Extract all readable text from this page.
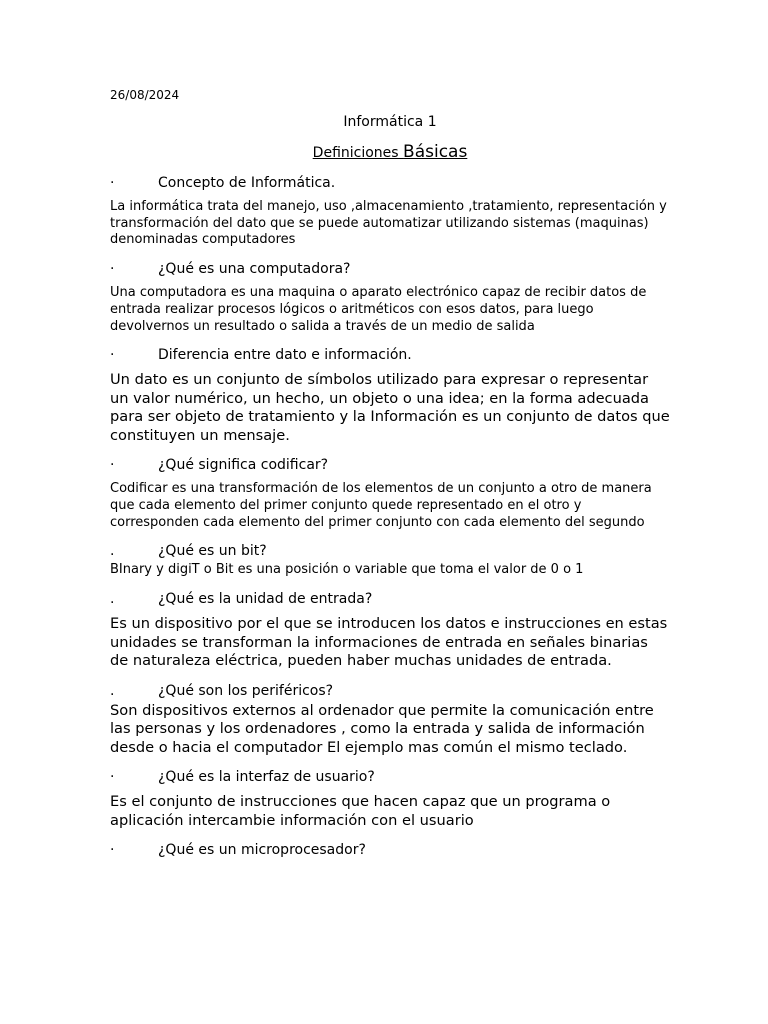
26/08/2024
Informática 1
Definiciones Básicas
·	Concepto de Informática.

La informática trata del manejo, uso ,almacenamiento ,tratamiento, representación y transformación del dato que se puede automatizar utilizando sistemas (maquinas) denominadas computadores

·	¿Qué es una computadora?

Una computadora es una maquina o aparato electrónico capaz de recibir datos de entrada realizar procesos lógicos o aritméticos con esos datos, para luego devolvernos un resultado o salida a través de un medio de salida

·	Diferencia entre dato e información.

Un dato es un conjunto de símbolos utilizado para expresar o representar un valor numérico, un hecho, un objeto o una idea; en la forma adecuada para ser objeto de tratamiento y la Información es un conjunto de datos que constituyen un mensaje.

·	¿Qué significa codificar?

Codificar es una transformación de los elementos de un conjunto a otro de manera que cada elemento del primer conjunto quede representado en el otro y corresponden cada elemento del primer conjunto con cada elemento del segundo

.	¿Qué es un bit?

BInary y digiT o Bit es una posición o variable que toma el valor de 0 o 1

.	¿Qué es la unidad de entrada?

Es un dispositivo por el que se introducen los datos e instrucciones en estas unidades se transforman la informaciones de entrada en señales binarias de naturaleza eléctrica, pueden haber muchas unidades de entrada.

.	¿Qué son los periféricos?

Son dispositivos externos al ordenador que permite la comunicación entre las personas y los ordenadores , como la entrada y salida de información desde o hacia el computador El ejemplo mas común el mismo teclado.

·	¿Qué es la interfaz de usuario?

Es el conjunto de instrucciones que hacen capaz que un programa o aplicación intercambie información con el usuario

·	¿Qué es un microprocesador?
